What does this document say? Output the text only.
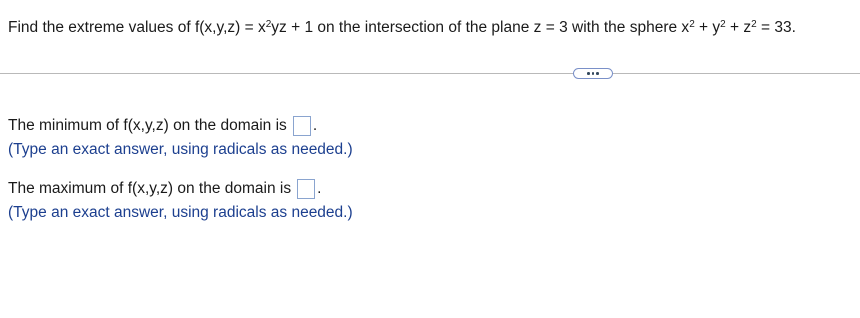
Find the extreme values of $f(x,y,z) = x^2yz + 1$ on the intersection of the plane z = 3 with the sphere $x^2 + y^2 + z^2 = 33$.
The minimum of f(x,y,z) on the domain is .
(Type an exact answer, using radicals as needed.)
The maximum of f(x,y,z) on the domain is .
(Type an exact answer, using radicals as needed.)
